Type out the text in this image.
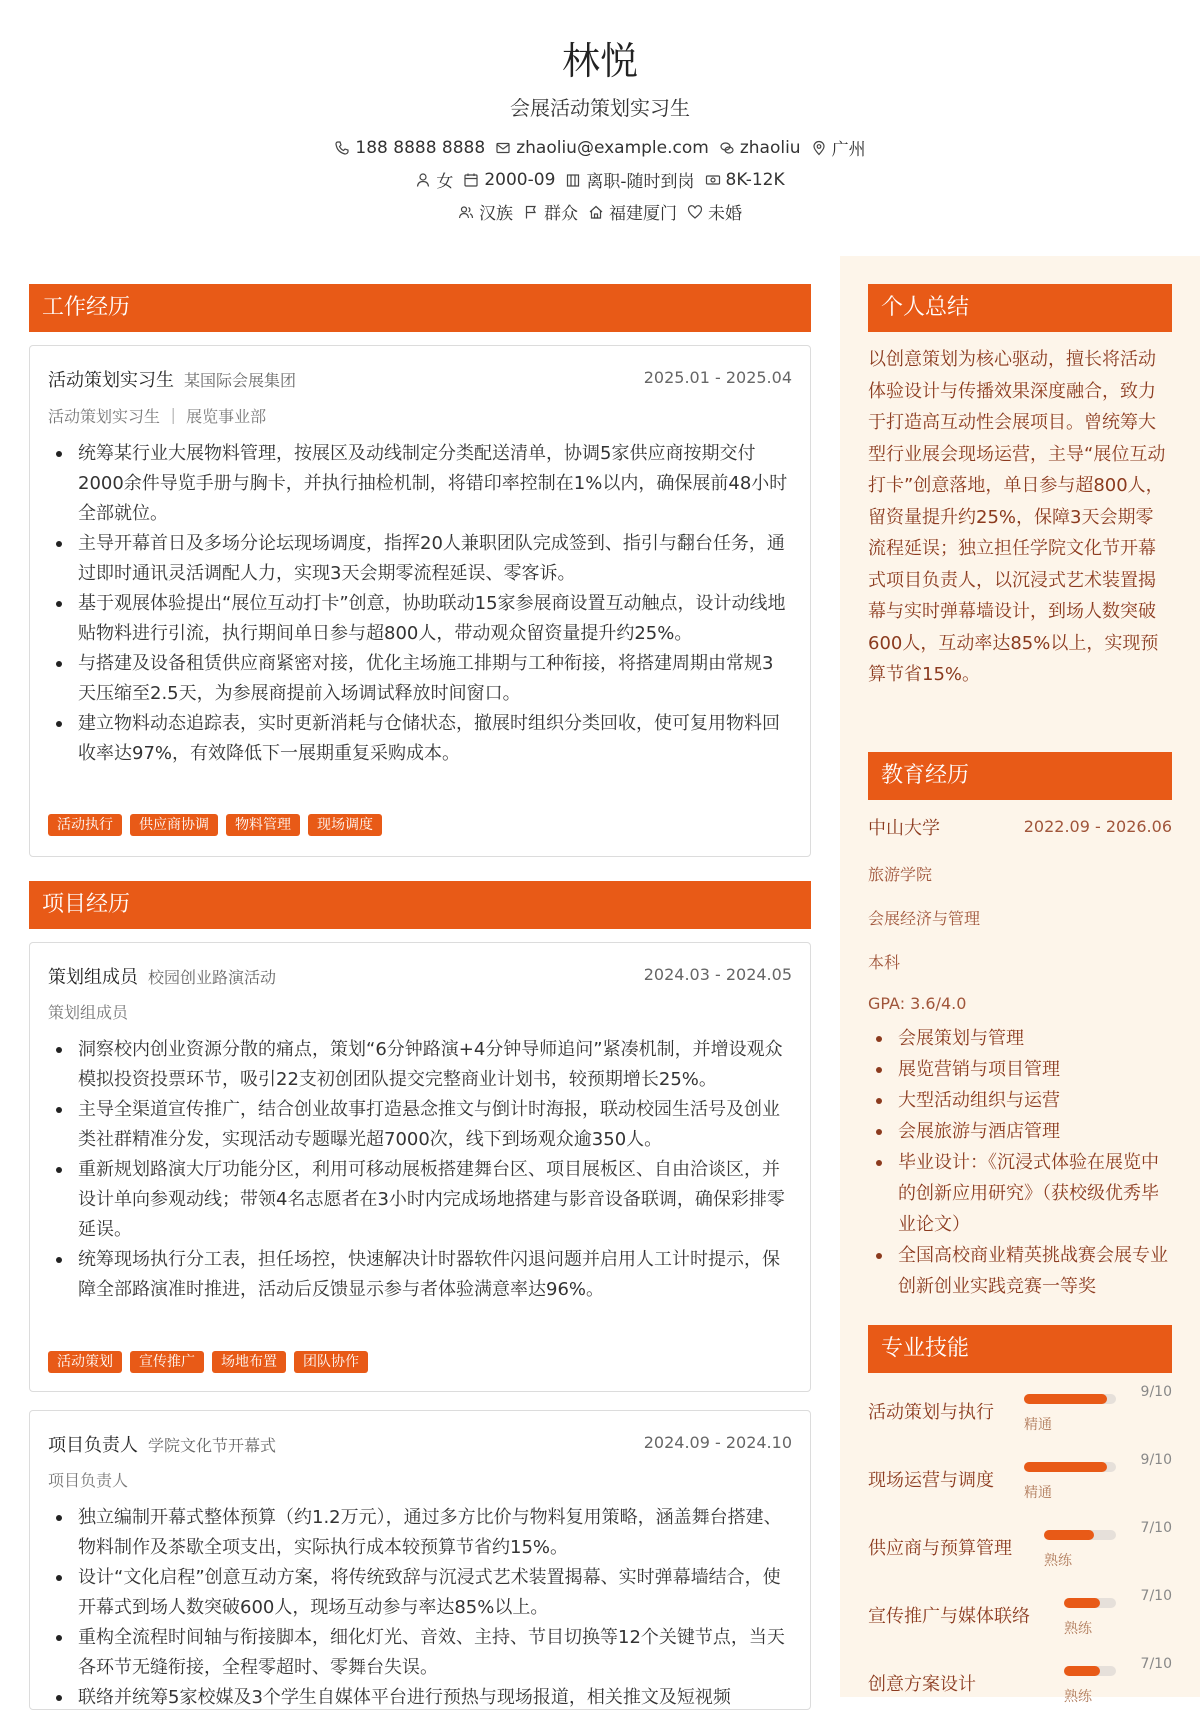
林悦
会展活动策划实习生
188 8888 8888 zhaoliu@example.com zhaoliu 广州
女 2000-09 离职-随时到岗 8K-12K
汉族 群众 福建厦门 未婚
工作经历
活动策划实习生 某国际会展集团	2025.01 - 2025.04
活动策划实习生 ｜ 展览事业部
统筹某行业大展物料管理，按展区及动线制定分类配送清单，协调5家供应商按期交付2000余件导览手册与胸卡，并执行抽检机制，将错印率控制在1%以内，确保展前48小时全部就位。
主导开幕首日及多场分论坛现场调度，指挥20人兼职团队完成签到、指引与翻台任务，通过即时通讯灵活调配人力，实现3天会期零流程延误、零客诉。
基于观展体验提出“展位互动打卡”创意，协助联动15家参展商设置互动触点，设计动线地贴物料进行引流，执行期间单日参与超800人，带动观众留资量提升约25%。
与搭建及设备租赁供应商紧密对接，优化主场施工排期与工种衔接，将搭建周期由常规3天压缩至2.5天，为参展商提前入场调试释放时间窗口。
建立物料动态追踪表，实时更新消耗与仓储状态，撤展时组织分类回收，使可复用物料回收率达97%，有效降低下一展期重复采购成本。
活动执行	供应商协调	物料管理	现场调度
项目经历
策划组成员 校园创业路演活动	2024.03 - 2024.05
策划组成员
洞察校内创业资源分散的痛点，策划“6分钟路演+4分钟导师追问”紧凑机制，并增设观众模拟投资投票环节，吸引22支初创团队提交完整商业计划书，较预期增长25%。
主导全渠道宣传推广，结合创业故事打造悬念推文与倒计时海报，联动校园生活号及创业类社群精准分发，实现活动专题曝光超7000次，线下到场观众逾350人。
重新规划路演大厅功能分区，利用可移动展板搭建舞台区、项目展板区、自由洽谈区，并设计单向参观动线；带领4名志愿者在3小时内完成场地搭建与影音设备联调，确保彩排零延误。
统筹现场执行分工表，担任场控，快速解决计时器软件闪退问题并启用人工计时提示，保障全部路演准时推进，活动后反馈显示参与者体验满意率达96%。
活动策划	宣传推广	场地布置	团队协作
项目负责人 学院文化节开幕式	2024.09 - 2024.10
项目负责人
独立编制开幕式整体预算（约1.2万元），通过多方比价与物料复用策略，涵盖舞台搭建、物料制作及茶歇全项支出，实际执行成本较预算节省约15%。
设计“文化启程”创意互动方案，将传统致辞与沉浸式艺术装置揭幕、实时弹幕墙结合，使开幕式到场人数突破600人，现场互动参与率达85%以上。
重构全流程时间轴与衔接脚本，细化灯光、音效、主持、节目切换等12个关键节点，当天各环节无缝衔接，全程零超时、零舞台失误。
联络并统筹5家校媒及3个学生自媒体平台进行预热与现场报道，相关推文及短视频
个人总结
以创意策划为核心驱动，擅长将活动体验设计与传播效果深度融合，致力于打造高互动性会展项目。曾统筹大型行业展会现场运营，主导“展位互动打卡”创意落地，单日参与超800人，留资量提升约25%，保障3天会期零流程延误；独立担任学院文化节开幕式项目负责人，以沉浸式艺术装置揭幕与实时弹幕墙设计，到场人数突破600人，互动率达85%以上，实现预算节省15%。
教育经历
中山大学	2022.09 - 2026.06
旅游学院
会展经济与管理
本科
GPA: 3.6/4.0
会展策划与管理
展览营销与项目管理
大型活动组织与运营
会展旅游与酒店管理
毕业设计：《沉浸式体验在展览中的创新应用研究》（获校级优秀毕业论文）
全国高校商业精英挑战赛会展专业创新创业实践竞赛一等奖
专业技能
活动策划与执行
精通
9/10
现场运营与调度
精通
9/10
供应商与预算管理
熟练
7/10
宣传推广与媒体联络
熟练
7/10
创意方案设计
熟练
7/10
